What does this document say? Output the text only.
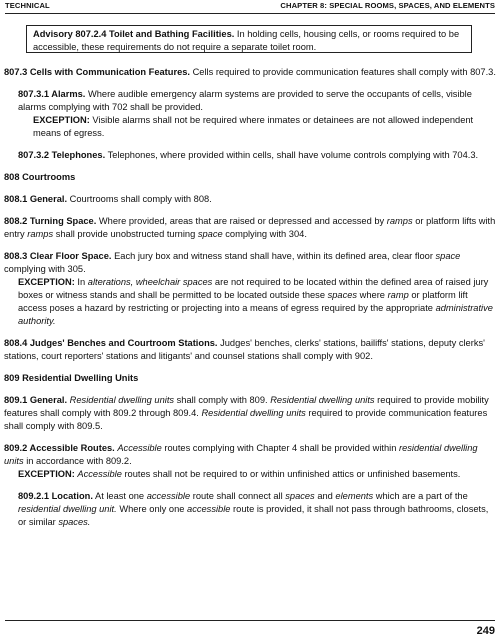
TECHNICAL	CHAPTER 8: SPECIAL ROOMS, SPACES, AND ELEMENTS
Advisory 807.2.4 Toilet and Bathing Facilities. In holding cells, housing cells, or rooms required to be accessible, these requirements do not require a separate toilet room.

807.3 Cells with Communication Features. Cells required to provide communication features shall comply with 807.3.

807.3.1 Alarms. Where audible emergency alarm systems are provided to serve the occupants of cells, visible alarms complying with 702 shall be provided.

EXCEPTION: Visible alarms shall not be required where inmates or detainees are not allowed independent means of egress.

807.3.2 Telephones. Telephones, where provided within cells, shall have volume controls complying with 704.3.

808 Courtrooms

808.1 General. Courtrooms shall comply with 808.

808.2 Turning Space. Where provided, areas that are raised or depressed and accessed by ramps or platform lifts with entry ramps shall provide unobstructed turning space complying with 304.

808.3 Clear Floor Space. Each jury box and witness stand shall have, within its defined area, clear floor space complying with 305.

EXCEPTION: In alterations, wheelchair spaces are not required to be located within the defined area of raised jury boxes or witness stands and shall be permitted to be located outside these spaces where ramp or platform lift access poses a hazard by restricting or projecting into a means of egress required by the appropriate administrative authority.

808.4 Judges' Benches and Courtroom Stations. Judges' benches, clerks' stations, bailiffs' stations, deputy clerks' stations, court reporters' stations and litigants' and counsel stations shall comply with 902.

809 Residential Dwelling Units

809.1 General. Residential dwelling units shall comply with 809. Residential dwelling units required to provide mobility features shall comply with 809.2 through 809.4. Residential dwelling units required to provide communication features shall comply with 809.5.

809.2 Accessible Routes. Accessible routes complying with Chapter 4 shall be provided within residential dwelling units in accordance with 809.2.

EXCEPTION: Accessible routes shall not be required to or within unfinished attics or unfinished basements.

809.2.1 Location. At least one accessible route shall connect all spaces and elements which are a part of the residential dwelling unit. Where only one accessible route is provided, it shall not pass through bathrooms, closets, or similar spaces.

249
